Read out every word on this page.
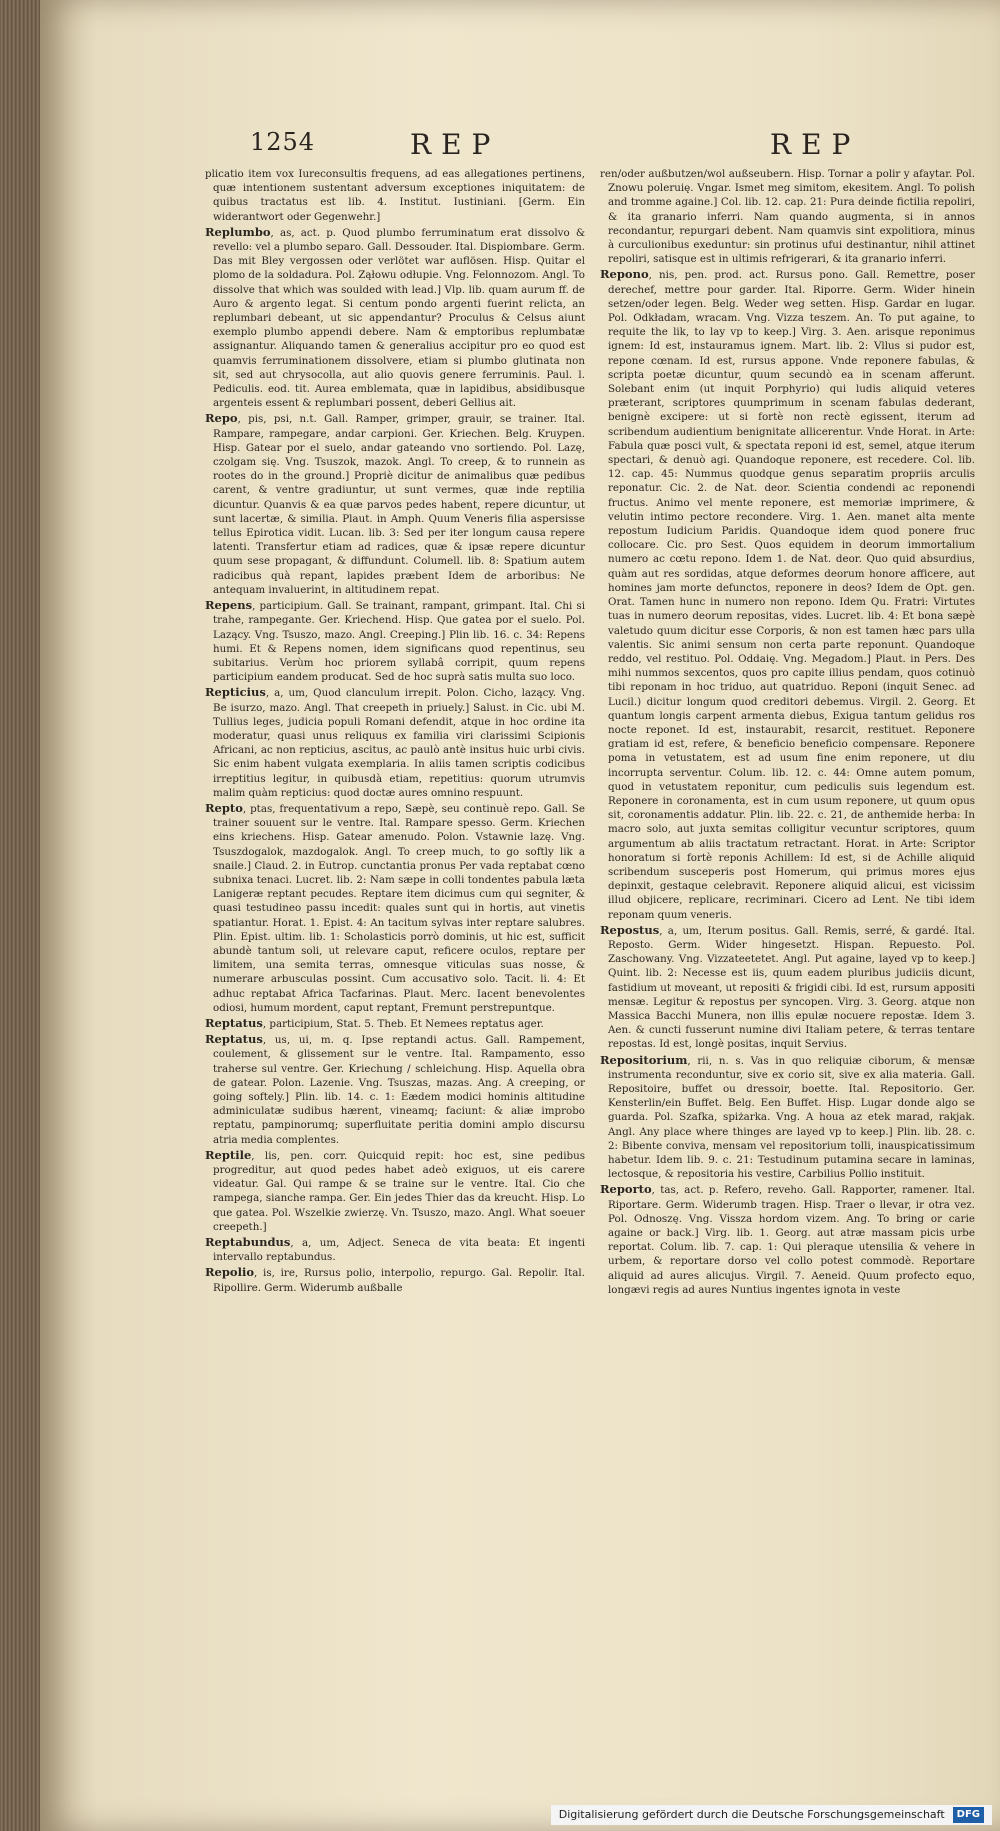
1254	REP	REP

plicatio item vox Iureconsultis frequens, ad eas allegationes pertinens, quæ intentionem sustentant adversum exceptiones iniquitatem: de quibus tractatus est lib. 4. Institut. Iustiniani. [Germ. Ein widerantwort oder Gegenwehr.]

Replumbo, as, act. p. Quod plumbo ferruminatum erat dissolvo & revello: vel a plumbo separo. Gall. Dessouder. Ital. Dispiombare. Germ. Das mit Bley vergossen oder verlötet war auflösen. Hisp. Quitar el plomo de la soldadura. Pol. Ząłowu odłupie. Vng. Felonnozom. Angl. To dissolve that which was soulded with lead.] Vlp. lib. quam aurum ff. de Auro & argento legat. Si centum pondo argenti fuerint relicta, an replumbari debeant, ut sic appendantur? Proculus & Celsus aiunt exemplo plumbo appendi debere. Nam & emptoribus replumbatæ assignantur. Aliquando tamen & generalius accipitur pro eo quod est quamvis ferruminationem dissolvere, etiam si plumbo glutinata non sit, sed aut chrysocolla, aut alio quovis genere ferruminis. Paul. l. Pediculis. eod. tit. Aurea emblemata, quæ in lapidibus, absidibusque argenteis essent & replumbari possent, deberi Gellius ait.

Repo, pis, psi, n.t. Gall. Ramper, grimper, grauir, se trainer. Ital. Rampare, rampegare, andar carpioni. Ger. Kriechen. Belg. Kruypen. Hisp. Gatear por el suelo, andar gateando vno sortiendo. Pol. Lazę, czolgam się. Vng. Tsuszok, mazok. Angl. To creep, & to runnein as rootes do in the ground.] Propriè dicitur de animalibus quæ pedibus carent, & ventre gradiuntur, ut sunt vermes, quæ inde reptilia dicuntur. Quanvis & ea quæ parvos pedes habent, repere dicuntur, ut sunt lacertæ, & similia. Plaut. in Amph. Quum Veneris filia aspersisse tellus Epirotica vidit. Lucan. lib. 3: Sed per iter longum causa repere latenti. Transfertur etiam ad radices, quæ & ipsæ repere dicuntur quum sese propagant, & diffundunt. Columell. lib. 8: Spatium autem radicibus quà repant, lapides præbent Idem de arboribus: Ne antequam invaluerint, in altitudinem repat.

Repens, participium. Gall. Se trainant, rampant, grimpant. Ital. Chi si trahe, rampegante. Ger. Kriechend. Hisp. Que gatea por el suelo. Pol. Lazący. Vng. Tsuszo, mazo. Angl. Creeping.] Plin lib. 16. c. 34: Repens humi. Et & Repens nomen, idem significans quod repentinus, seu subitarius. Verùm hoc priorem syllabâ corripit, quum repens participium eandem producat. Sed de hoc suprà satis multa suo loco.

Repticius, a, um, Quod clanculum irrepit. Polon. Cicho, lazący. Vng. Be isurzo, mazo. Angl. That creepeth in priuely.] Salust. in Cic. ubi M. Tullius leges, judicia populi Romani defendit, atque in hoc ordine ita moderatur, quasi unus reliquus ex familia viri clarissimi Scipionis Africani, ac non repticius, ascitus, ac paulò antè insitus huic urbi civis. Sic enim habent vulgata exemplaria. In aliis tamen scriptis codicibus irreptitius legitur, in quibusdà etiam, repetitius: quorum utrumvis malim quàm repticius: quod doctæ aures omnino respuunt.

Repto, ptas, frequentativum a repo, Sæpè, seu continuè repo. Gall. Se trainer souuent sur le ventre. Ital. Rampare spesso. Germ. Kriechen eins kriechens. Hisp. Gatear amenudo. Polon. Vstawnie lazę. Vng. Tsuszdogalok, mazdogalok. Angl. To creep much, to go softly lik a snaile.] Claud. 2. in Eutrop. cunctantia pronus Per vada reptabat cœno subnixa tenaci. Lucret. lib. 2: Nam sæpe in colli tondentes pabula læta Lanigeræ reptant pecudes. Reptare item dicimus cum qui segniter, & quasi testudineo passu incedit: quales sunt qui in hortis, aut vinetis spatiantur. Horat. 1. Epist. 4: An tacitum sylvas inter reptare salubres. Plin. Epist. ultim. lib. 1: Scholasticis porrò dominis, ut hic est, sufficit abundè tantum soli, ut relevare caput, reficere oculos, reptare per limitem, una semita terras, omnesque viticulas suas nosse, & numerare arbusculas possint. Cum accusativo solo. Tacit. li. 4: Et adhuc reptabat Africa Tacfarinas. Plaut. Merc. Iacent benevolentes odiosi, humum mordent, caput reptant, Fremunt perstrepuntque.

Reptatus, participium, Stat. 5. Theb. Et Nemees reptatus ager.

Reptatus, us, ui, m. q. Ipse reptandi actus. Gall. Rampement, coulement, & glissement sur le ventre. Ital. Rampamento, esso traherse sul ventre. Ger. Kriechung / schleichung. Hisp. Aquella obra de gatear. Polon. Lazenie. Vng. Tsuszas, mazas. Ang. A creeping, or going softely.] Plin. lib. 14. c. 1: Eædem modici hominis altitudine adminiculatæ sudibus hærent, vineamq; faciunt: & aliæ improbo reptatu, pampinorumq; superfluitate peritia domini amplo discursu atria media complentes.

Reptile, lis, pen. corr. Quicquid repit: hoc est, sine pedibus progreditur, aut quod pedes habet adeò exiguos, ut eis carere videatur. Gal. Qui rampe & se traine sur le ventre. Ital. Cio che rampega, sianche rampa. Ger. Ein jedes Thier das da kreucht. Hisp. Lo que gatea. Pol. Wszelkie zwierzę. Vn. Tsuszo, mazo. Angl. What soeuer creepeth.]

Reptabundus, a, um, Adject. Seneca de vita beata: Et ingenti intervallo reptabundus.

Repolio, is, ire, Rursus polio, interpolio, repurgo. Gal. Repolir. Ital. Ripollire. Germ. Widerumb außballe

ren/oder außbutzen/wol außseubern. Hisp. Tornar a polir y afaytar. Pol. Znowu poleruię. Vngar. Ismet meg simitom, ekesitem. Angl. To polish and tromme againe.] Col. lib. 12. cap. 21: Pura deinde fictilia repoliri, & ita granario inferri. Nam quando augmenta, si in annos recondantur, repurgari debent. Nam quamvis sint expolitiora, minus à curculionibus exeduntur: sin protinus ufui destinantur, nihil attinet repoliri, satisque est in ultimis refrigerari, & ita granario inferri.

Repono, nis, pen. prod. act. Rursus pono. Gall. Remettre, poser derechef, mettre pour garder. Ital. Riporre. Germ. Wider hinein setzen/oder legen. Belg. Weder weg setten. Hisp. Gardar en lugar. Pol. Odkładam, wracam. Vng. Vizza teszem. An. To put againe, to requite the lik, to lay vp to keep.] Virg. 3. Aen. arisque reponimus ignem: Id est, instauramus ignem. Mart. lib. 2: Vllus si pudor est, repone cœnam. Id est, rursus appone. Vnde reponere fabulas, & scripta poetæ dicuntur, quum secundò ea in scenam afferunt. Solebant enim (ut inquit Porphyrio) qui ludis aliquid veteres præterant, scriptores quumprimum in scenam fabulas dederant, benignè excipere: ut si fortè non rectè egissent, iterum ad scribendum audientium benignitate allicerentur. Vnde Horat. in Arte: Fabula quæ posci vult, & spectata reponi id est, semel, atque iterum spectari, & denuò agi. Quandoque reponere, est recedere. Col. lib. 12. cap. 45: Nummus quodque genus separatim propriis arculis reponatur. Cic. 2. de Nat. deor. Scientia condendi ac reponendi fructus. Animo vel mente reponere, est memoriæ imprimere, & velutin intimo pectore recondere. Virg. 1. Aen. manet alta mente repostum Iudicium Paridis. Quandoque idem quod ponere fruc collocare. Cic. pro Sest. Quos equidem in deorum immortalium numero ac cœtu repono. Idem 1. de Nat. deor. Quo quid absurdius, quàm aut res sordidas, atque deformes deorum honore afficere, aut homines jam morte defunctos, reponere in deos? Idem de Opt. gen. Orat. Tamen hunc in numero non repono. Idem Qu. Fratri: Virtutes tuas in numero deorum repositas, vides. Lucret. lib. 4: Et bona sæpè valetudo quum dicitur esse Corporis, & non est tamen hæc pars ulla valentis. Sic animi sensum non certa parte reponunt. Quandoque reddo, vel restituo. Pol. Oddaię. Vng. Megadom.] Plaut. in Pers. Des mihi nummos sexcentos, quos pro capite illius pendam, quos cotinuò tibi reponam in hoc triduo, aut quatriduo. Reponi (inquit Senec. ad Lucil.) dicitur longum quod creditori debemus. Virgil. 2. Georg. Et quantum longis carpent armenta diebus, Exigua tantum gelidus ros nocte reponet. Id est, instaurabit, resarcit, restituet. Reponere gratiam id est, refere, & beneficio beneficio compensare. Reponere poma in vetustatem, est ad usum fine enim reponere, ut diu incorrupta serventur. Colum. lib. 12. c. 44: Omne autem pomum, quod in vetustatem reponitur, cum pediculis suis legendum est. Reponere in coronamenta, est in cum usum reponere, ut quum opus sit, coronamentis addatur. Plin. lib. 22. c. 21, de anthemide herba: In macro solo, aut juxta semitas colligitur vecuntur scriptores, quum argumentum ab aliis tractatum retractant. Horat. in Arte: Scriptor honoratum si fortè reponis Achillem: Id est, si de Achille aliquid scribendum susceperis post Homerum, qui primus mores ejus depinxit, gestaque celebravit. Reponere aliquid alicui, est vicissim illud objicere, replicare, recriminari. Cicero ad Lent. Ne tibi idem reponam quum veneris.

Repostus, a, um, Iterum positus. Gall. Remis, serré, & gardé. Ital. Reposto. Germ. Wider hingesetzt. Hispan. Repuesto. Pol. Zaschowany. Vng. Vizzateetetet. Angl. Put againe, layed vp to keep.] Quint. lib. 2: Necesse est iis, quum eadem pluribus judiciis dicunt, fastidium ut moveant, ut repositi & frigidi cibi. Id est, rursum appositi mensæ. Legitur & repostus per syncopen. Virg. 3. Georg. atque non Massica Bacchi Munera, non illis epulæ nocuere repostæ. Idem 3. Aen. & cuncti fusserunt numine divi Italiam petere, & terras tentare repostas. Id est, longè positas, inquit Servius.

Repositorium, rii, n. s. Vas in quo reliquiæ ciborum, & mensæ instrumenta reconduntur, sive ex corio sit, sive ex alia materia. Gall. Repositoire, buffet ou dressoir, boette. Ital. Repositorio. Ger. Kensterlin/ein Buffet. Belg. Een Buffet. Hisp. Lugar donde algo se guarda. Pol. Szafka, spiżarka. Vng. A houa az etek marad, rakjak. Angl. Any place where thinges are layed vp to keep.] Plin. lib. 28. c. 2: Bibente conviva, mensam vel repositorium tolli, inauspicatissimum habetur. Idem lib. 9. c. 21: Testudinum putamina secare in laminas, lectosque, & repositoria his vestire, Carbilius Pollio instituit.

Reporto, tas, act. p. Refero, reveho. Gall. Rapporter, ramener. Ital. Riportare. Germ. Widerumb tragen. Hisp. Traer o llevar, ir otra vez. Pol. Odnoszę. Vng. Vissza hordom vizem. Ang. To bring or carie againe or back.] Virg. lib. 1. Georg. aut atræ massam picis urbe reportat. Colum. lib. 7. cap. 1: Qui pleraque utensilia & vehere in urbem, & reportare dorso vel collo potest commodè. Reportare aliquid ad aures alicujus. Virgil. 7. Aeneid. Quum profecto equo, longævi regis ad aures Nuntius ingentes ignota in veste

Digitalisierung gefördert durch die Deutsche Forschungsgemeinschaft	DFG
